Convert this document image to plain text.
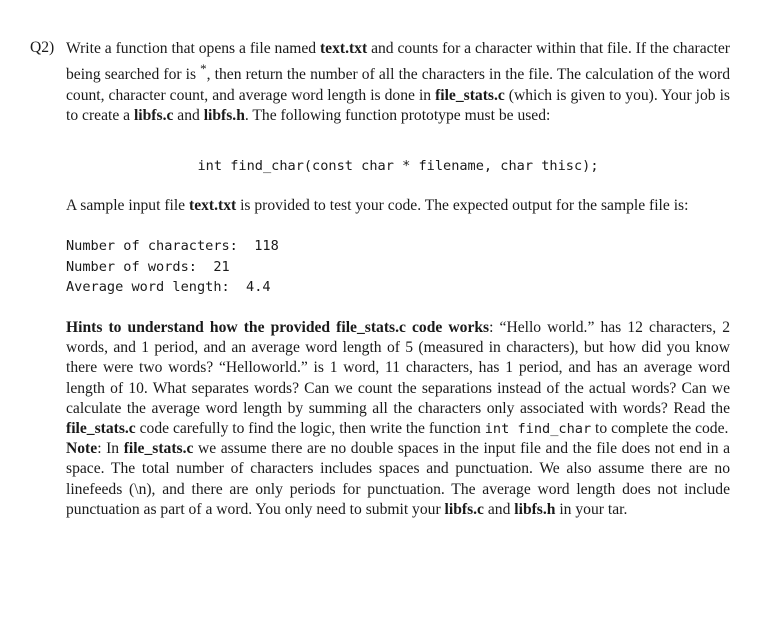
Q2) Write a function that opens a file named text.txt and counts for a character within that file. If the character being searched for is *, then return the number of all the characters in the file. The calculation of the word count, character count, and average word length is done in file_stats.c (which is given to you). Your job is to create a libfs.c and libfs.h. The following function prototype must be used:

int find_char(const char * filename, char thisc);

A sample input file text.txt is provided to test your code. The expected output for the sample file is:

Number of characters:  118
Number of words:  21
Average word length:  4.4

Hints to understand how the provided file_stats.c code works: “Hello world.” has 12 characters, 2 words, and 1 period, and an average word length of 5 (measured in characters), but how did you know there were two words? “Helloworld.” is 1 word, 11 characters, has 1 period, and has an average word length of 10. What separates words? Can we count the separations instead of the actual words? Can we calculate the average word length by summing all the characters only associated with words? Read the file_stats.c code carefully to find the logic, then write the function int find_char to complete the code.

Note: In file_stats.c we assume there are no double spaces in the input file and the file does not end in a space. The total number of characters includes spaces and punctuation. We also assume there are no linefeeds (\n), and there are only periods for punctuation. The average word length does not include punctuation as part of a word. You only need to submit your libfs.c and libfs.h in your tar.
